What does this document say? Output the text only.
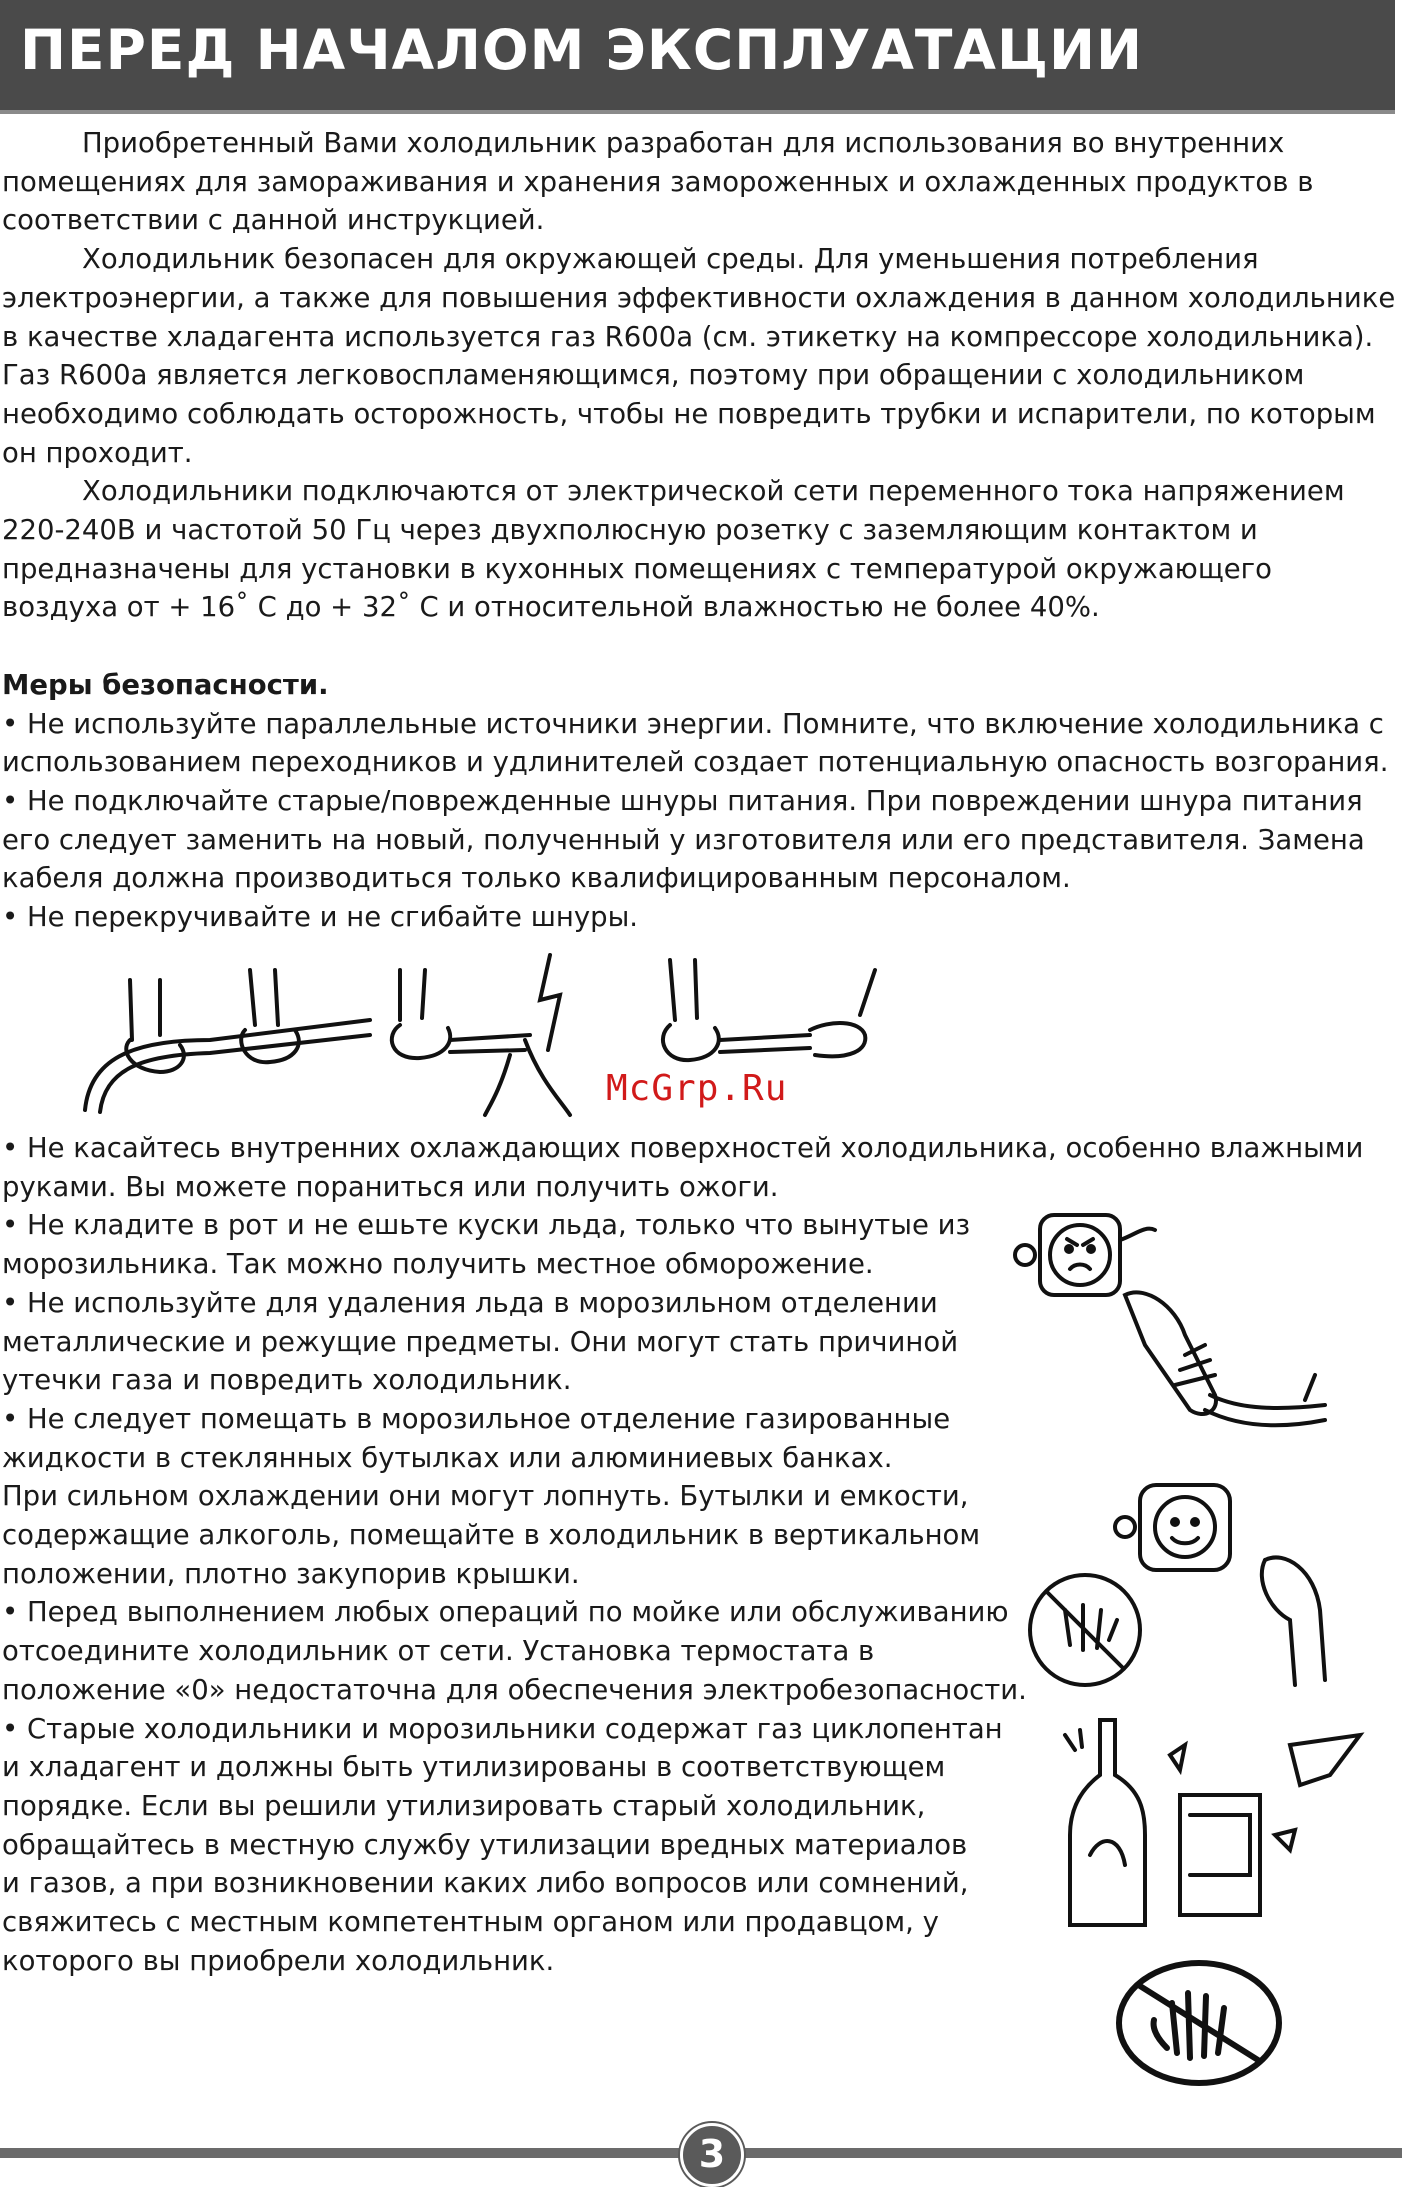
ПЕРЕД НАЧАЛОМ ЭКСПЛУАТАЦИИ

Приобретенный Вами холодильник разработан для использования во внутренних

помещениях для замораживания и хранения замороженных и охлажденных продуктов в

соответствии с данной инструкцией.

Холодильник безопасен для окружающей среды. Для уменьшения потребления

электроэнергии, а также для повышения эффективности охлаждения в данном холодильнике

в качестве хладагента используется газ R600a (см. этикетку на компрессоре холодильника).

Газ R600a является легковоспламеняющимся, поэтому при обращении с холодильником

необходимо соблюдать осторожность, чтобы не повредить трубки и испарители, по которым

он проходит.

Холодильники подключаются от электрической сети переменного тока напряжением

220-240В и частотой 50 Гц через двухполюсную розетку с заземляющим контактом и

предназначены для установки в кухонных помещениях с температурой окружающего

воздуха от + 16˚ С до + 32˚ С и относительной влажностью не более 40%.

Меры безопасности.

• Не используйте параллельные источники энергии. Помните, что включение холодильника с

использованием переходников и удлинителей создает потенциальную опасность возгорания.

• Не подключайте старые/поврежденные шнуры питания. При повреждении шнура питания

его следует заменить на новый, полученный у изготовителя или его представителя. Замена

кабеля должна производиться только квалифицированным персоналом.

• Не перекручивайте и не сгибайте шнуры.

McGrp.Ru

• Не касайтесь внутренних охлаждающих поверхностей холодильника, особенно влажными

руками. Вы можете пораниться или получить ожоги.

• Не кладите в рот и не ешьте куски льда, только что вынутые из

морозильника. Так можно получить местное обморожение.

• Не используйте для удаления льда в морозильном отделении

металлические и режущие предметы. Они могут стать причиной

утечки газа и повредить холодильник.

• Не следует помещать в морозильное отделение газированные

жидкости в стеклянных бутылках или алюминиевых банках.

При сильном охлаждении они могут лопнуть. Бутылки и емкости,

содержащие алкоголь, помещайте в холодильник в вертикальном

положении, плотно закупорив крышки.

• Перед выполнением любых операций по мойке или обслуживанию

отсоедините холодильник от сети. Установка термостата в

положение «0» недостаточна для обеспечения электробезопасности.

• Старые холодильники и морозильники содержат газ циклопентан

и хладагент и должны быть утилизированы в соответствующем

порядке. Если вы решили утилизировать старый холодильник,

обращайтесь в местную службу утилизации вредных материалов

и газов, а при возникновении каких либо вопросов или сомнений,

свяжитесь с местным компетентным органом или продавцом, у

которого вы приобрели холодильник.

3
